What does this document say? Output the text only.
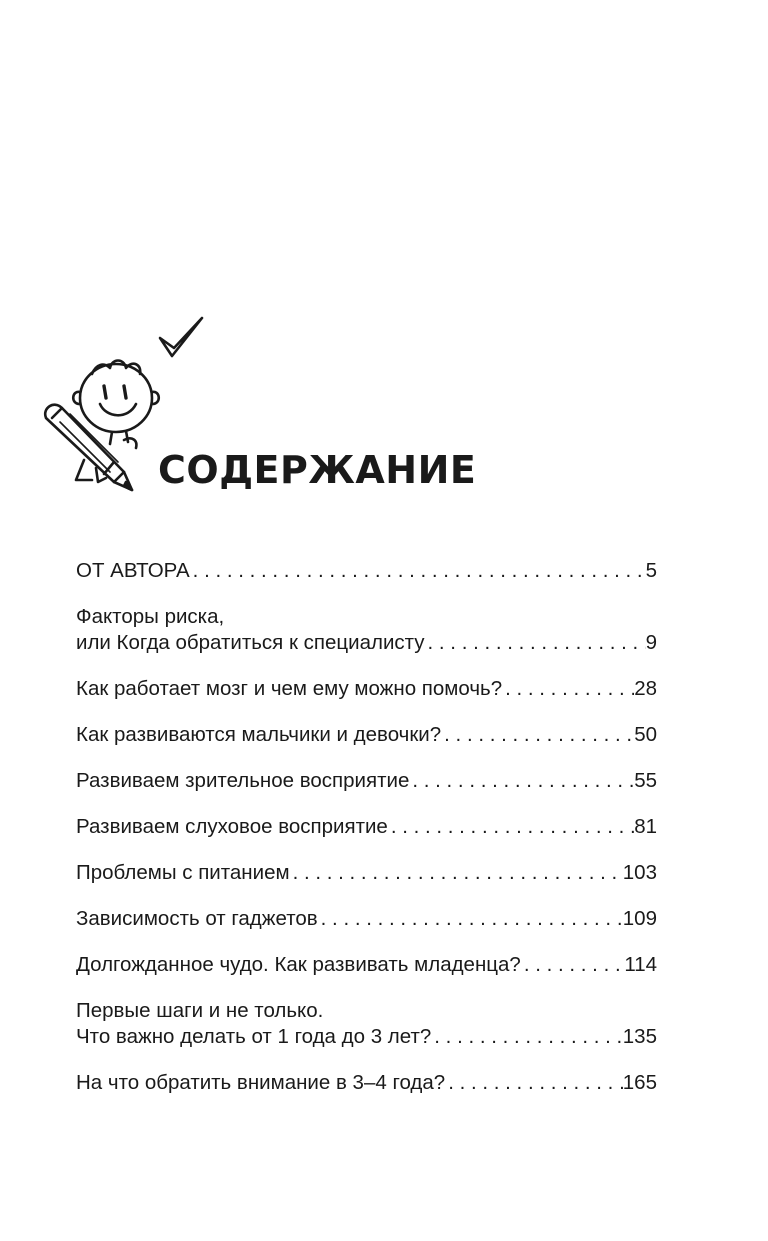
СОДЕРЖАНИЕ
ОТ АВТОРА . . .	5
Факторы риска,
или Когда обратиться к специалисту . . .	9
Как работает мозг и чем ему можно помочь? . . .	28
Как развиваются мальчики и девочки? . . .	50
Развиваем зрительное восприятие . . .	55
Развиваем слуховое восприятие . . .	81
Проблемы с питанием . . .	103
Зависимость от гаджетов . . .	109
Долгожданное чудо. Как развивать младенца? . . .	114
Первые шаги и не только.
Что важно делать от 1 года до 3 лет? . . .	135
На что обратить внимание в 3–4 года? . . .	165
